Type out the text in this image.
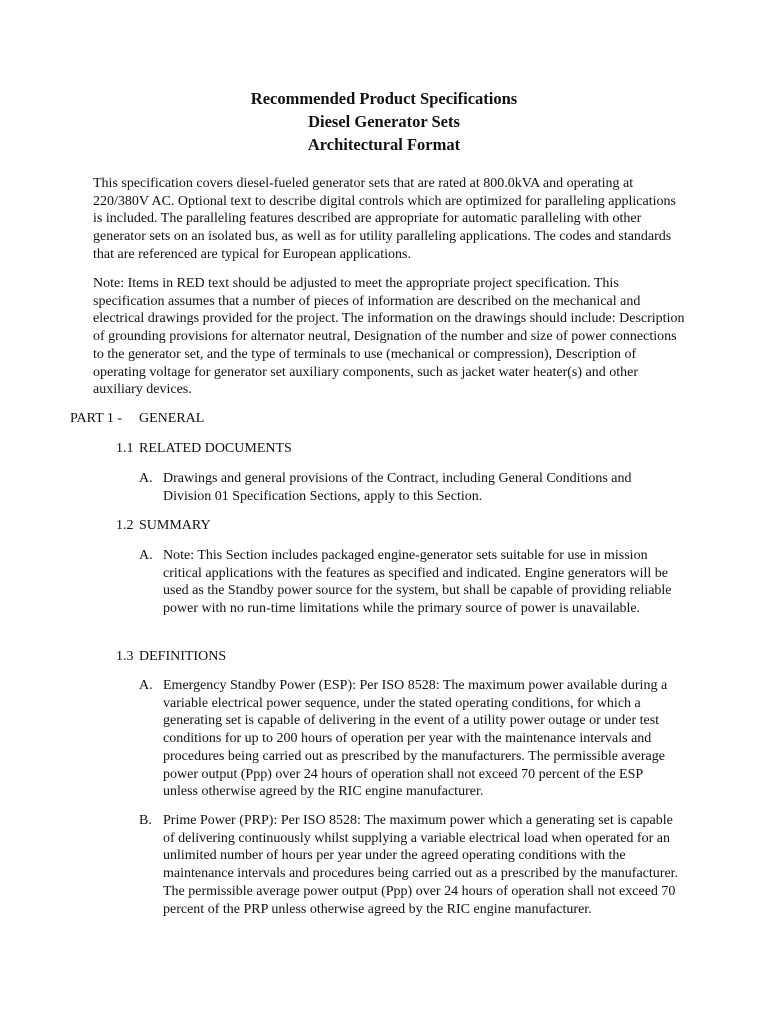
Recommended Product Specifications
Diesel Generator Sets
Architectural Format

This specification covers diesel-fueled generator sets that are rated at 800.0kVA and operating at 220/380V AC. Optional text to describe digital controls which are optimized for paralleling applications is included. The paralleling features described are appropriate for automatic paralleling with other generator sets on an isolated bus, as well as for utility paralleling applications. The codes and standards that are referenced are typical for European applications.

Note: Items in RED text should be adjusted to meet the appropriate project specification. This specification assumes that a number of pieces of information are described on the mechanical and electrical drawings provided for the project. The information on the drawings should include: Description of grounding provisions for alternator neutral, Designation of the number and size of power connections to the generator set, and the type of terminals to use (mechanical or compression), Description of operating voltage for generator set auxiliary components, such as jacket water heater(s) and other auxiliary devices.

PART 1 - GENERAL
1.1 RELATED DOCUMENTS
A. Drawings and general provisions of the Contract, including General Conditions and Division 01 Specification Sections, apply to this Section.
1.2 SUMMARY
A. Note: This Section includes packaged engine-generator sets suitable for use in mission critical applications with the features as specified and indicated. Engine generators will be used as the Standby power source for the system, but shall be capable of providing reliable power with no run-time limitations while the primary source of power is unavailable.
1.3 DEFINITIONS
A. Emergency Standby Power (ESP): Per ISO 8528: The maximum power available during a variable electrical power sequence, under the stated operating conditions, for which a generating set is capable of delivering in the event of a utility power outage or under test conditions for up to 200 hours of operation per year with the maintenance intervals and procedures being carried out as prescribed by the manufacturers. The permissible average power output (Ppp) over 24 hours of operation shall not exceed 70 percent of the ESP unless otherwise agreed by the RIC engine manufacturer.
B. Prime Power (PRP): Per ISO 8528: The maximum power which a generating set is capable of delivering continuously whilst supplying a variable electrical load when operated for an unlimited number of hours per year under the agreed operating conditions with the maintenance intervals and procedures being carried out as a prescribed by the manufacturer. The permissible average power output (Ppp) over 24 hours of operation shall not exceed 70 percent of the PRP unless otherwise agreed by the RIC engine manufacturer.
